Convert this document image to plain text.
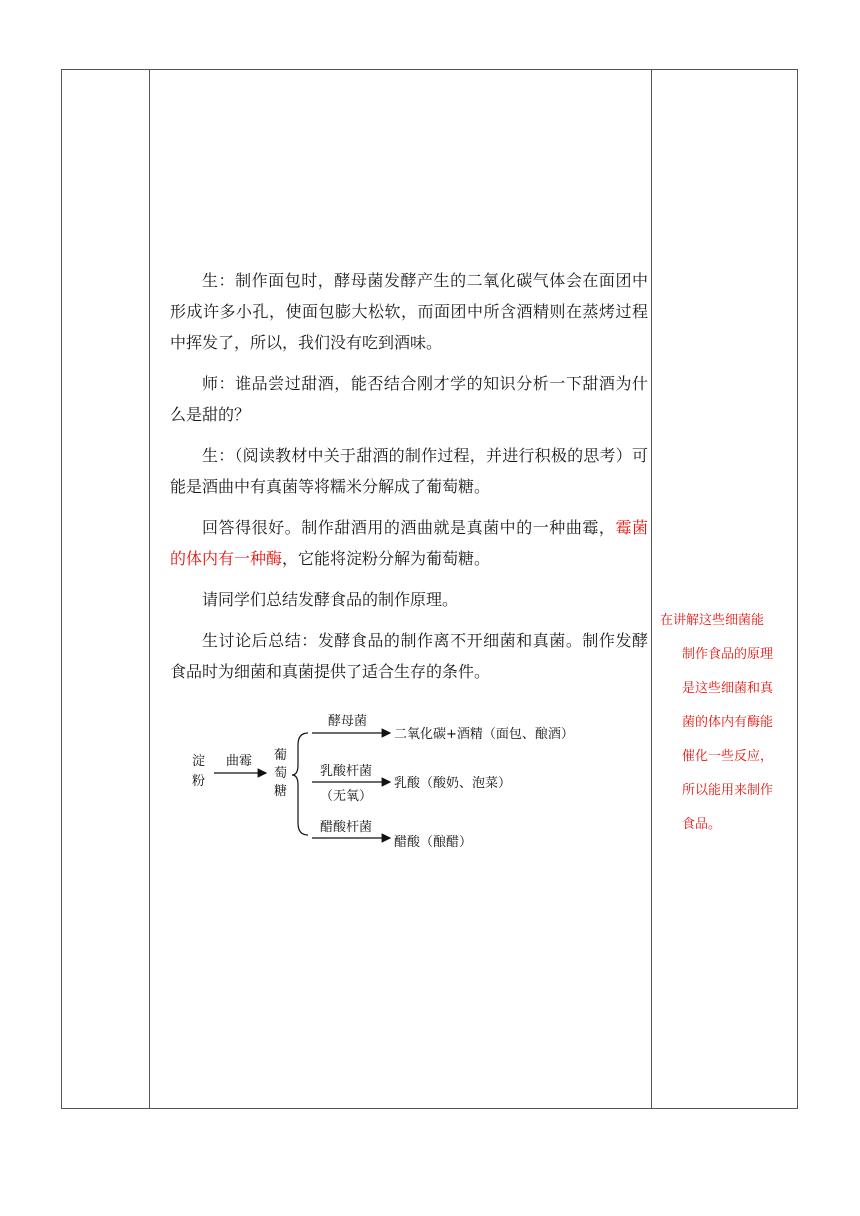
生：制作面包时，酵母菌发酵产生的二氧化碳气体会在面团中形成许多小孔，使面包膨大松软，而面团中所含酒精则在蒸烤过程中挥发了，所以，我们没有吃到酒味。

师：谁品尝过甜酒，能否结合刚才学的知识分析一下甜酒为什么是甜的？

生：（阅读教材中关于甜酒的制作过程，并进行积极的思考）可能是酒曲中有真菌等将糯米分解成了葡萄糖。

回答得很好。制作甜酒用的酒曲就是真菌中的一种曲霉，霉菌的体内有一种酶，它能将淀粉分解为葡萄糖。

请同学们总结发酵食品的制作原理。

生讨论后总结：发酵食品的制作离不开细菌和真菌。制作发酵食品时为细菌和真菌提供了适合生存的条件。

在讲解这些细菌能

制作食品的原理

是这些细菌和真

菌的体内有酶能

催化一些反应，

所以能用来制作

食品。

淀
粉
曲霉 葡
萄
糖
酵母菌
二氧化碳+酒精（面包、酿酒）
乳酸杆菌
乳酸（酸奶、泡菜）
（无氧）
醋酸杆菌
醋酸（酿醋）
